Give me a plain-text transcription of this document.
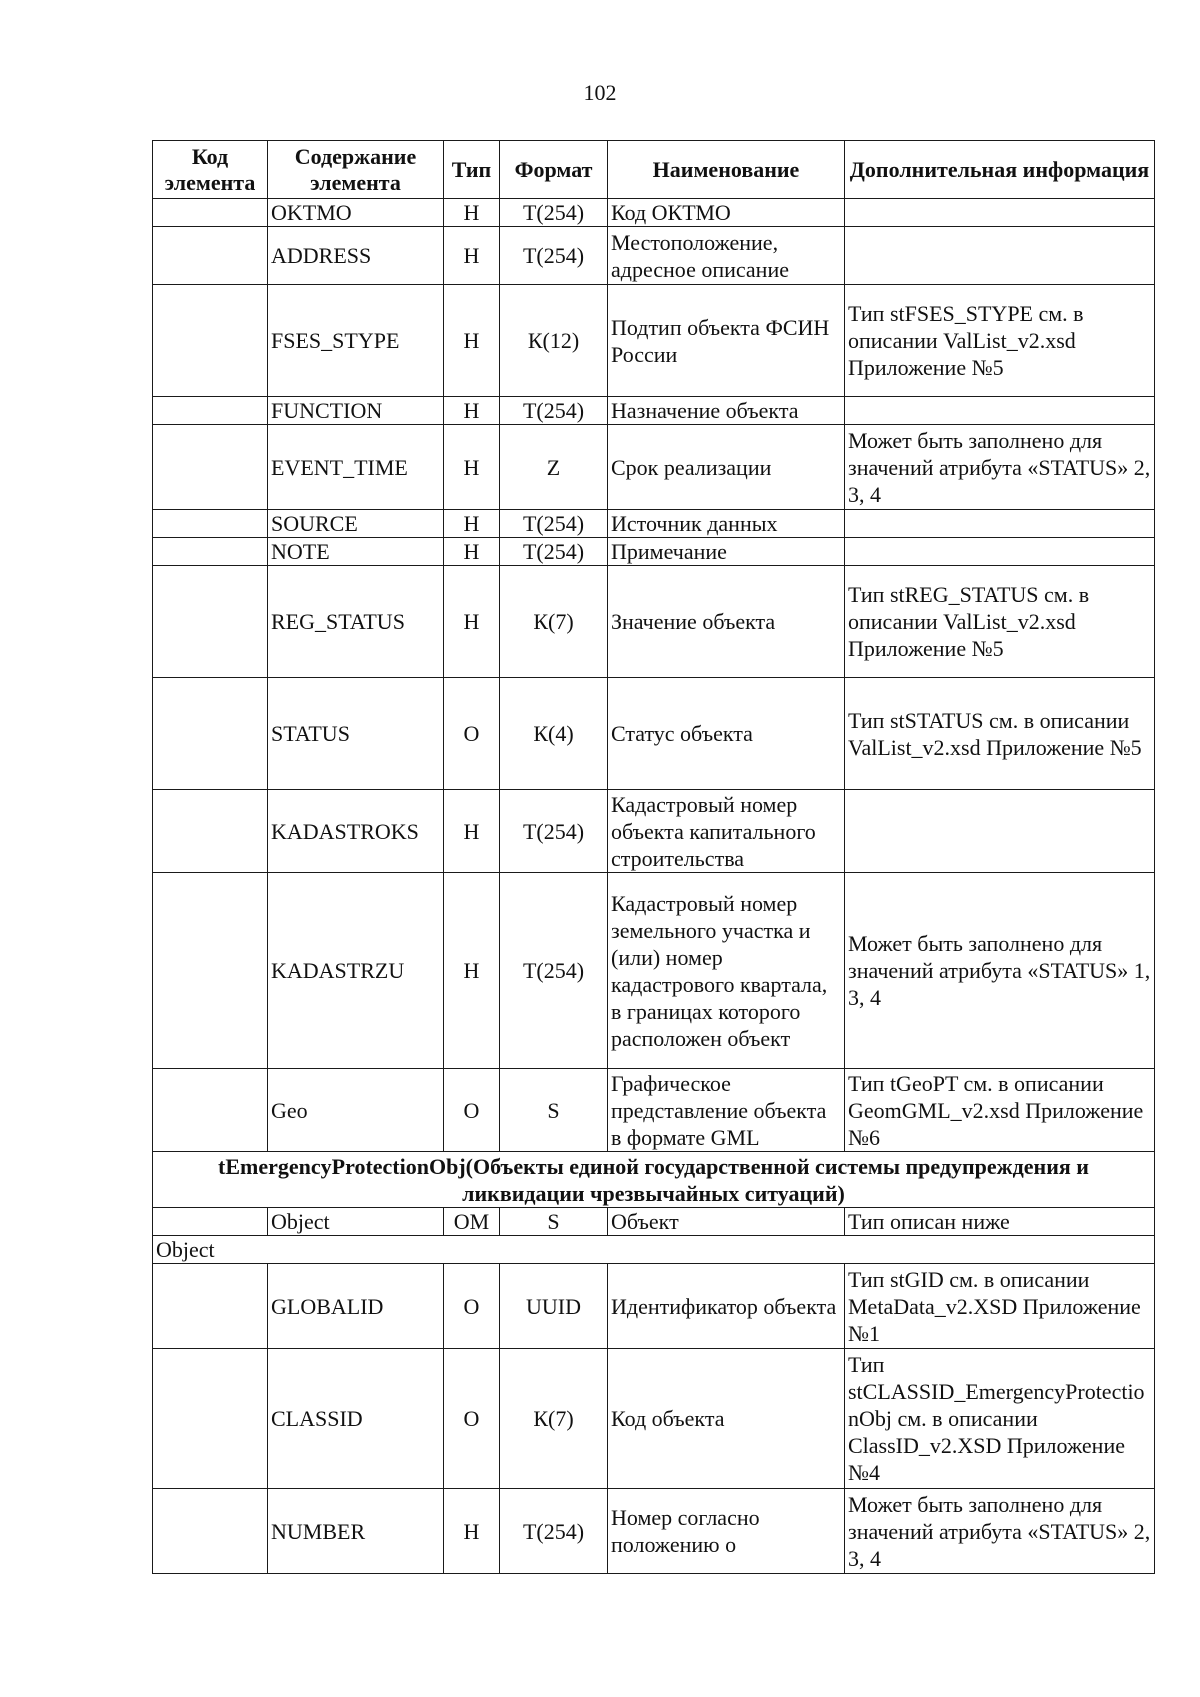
102
Код элемента	Содержание элемента	Тип	Формат	Наименование	Дополнительная информация
	OKTMO	Н	T(254)	Код ОКТМО	
	ADDRESS	Н	T(254)	Местоположение, адресное описание	
	FSES_STYPE	Н	К(12)	Подтип объекта ФСИН России	Тип stFSES_STYPE см. в описании ValList_v2.xsd Приложение №5
	FUNCTION	Н	T(254)	Назначение объекта	
	EVENT_TIME	Н	Z	Срок реализации	Может быть заполнено для значений атрибута «STATUS» 2, 3, 4
	SOURCE	Н	T(254)	Источник данных	
	NOTE	Н	T(254)	Примечание	
	REG_STATUS	Н	К(7)	Значение объекта	Тип stREG_STATUS см. в описании ValList_v2.xsd Приложение №5
	STATUS	О	К(4)	Статус объекта	Тип stSTATUS см. в описании ValList_v2.xsd Приложение №5
	KADASTROKS	Н	T(254)	Кадастровый номер объекта капитального строительства	
	KADASTRZU	Н	T(254)	Кадастровый номер земельного участка и (или) номер кадастрового квартала, в границах которого расположен объект	Может быть заполнено для значений атрибута «STATUS» 1, 3, 4
	Geo	О	S	Графическое представление объекта в формате GML	Тип tGeoPT см. в описании GeomGML_v2.xsd Приложение №6
tEmergencyProtectionObj(Объекты единой государственной системы предупреждения и ликвидации чрезвычайных ситуаций)					
	Object	ОМ	S	Объект	Тип описан ниже
Object					
	GLOBALID	О	UUID	Идентификатор объекта	Тип stGID см. в описании MetaData_v2.XSD Приложение №1
	CLASSID	О	К(7)	Код объекта	Тип stCLASSID_EmergencyProtectionObj см. в описании ClassID_v2.XSD Приложение №4
	NUMBER	Н	T(254)	Номер согласно положению о	Может быть заполнено для значений атрибута «STATUS» 2, 3, 4
